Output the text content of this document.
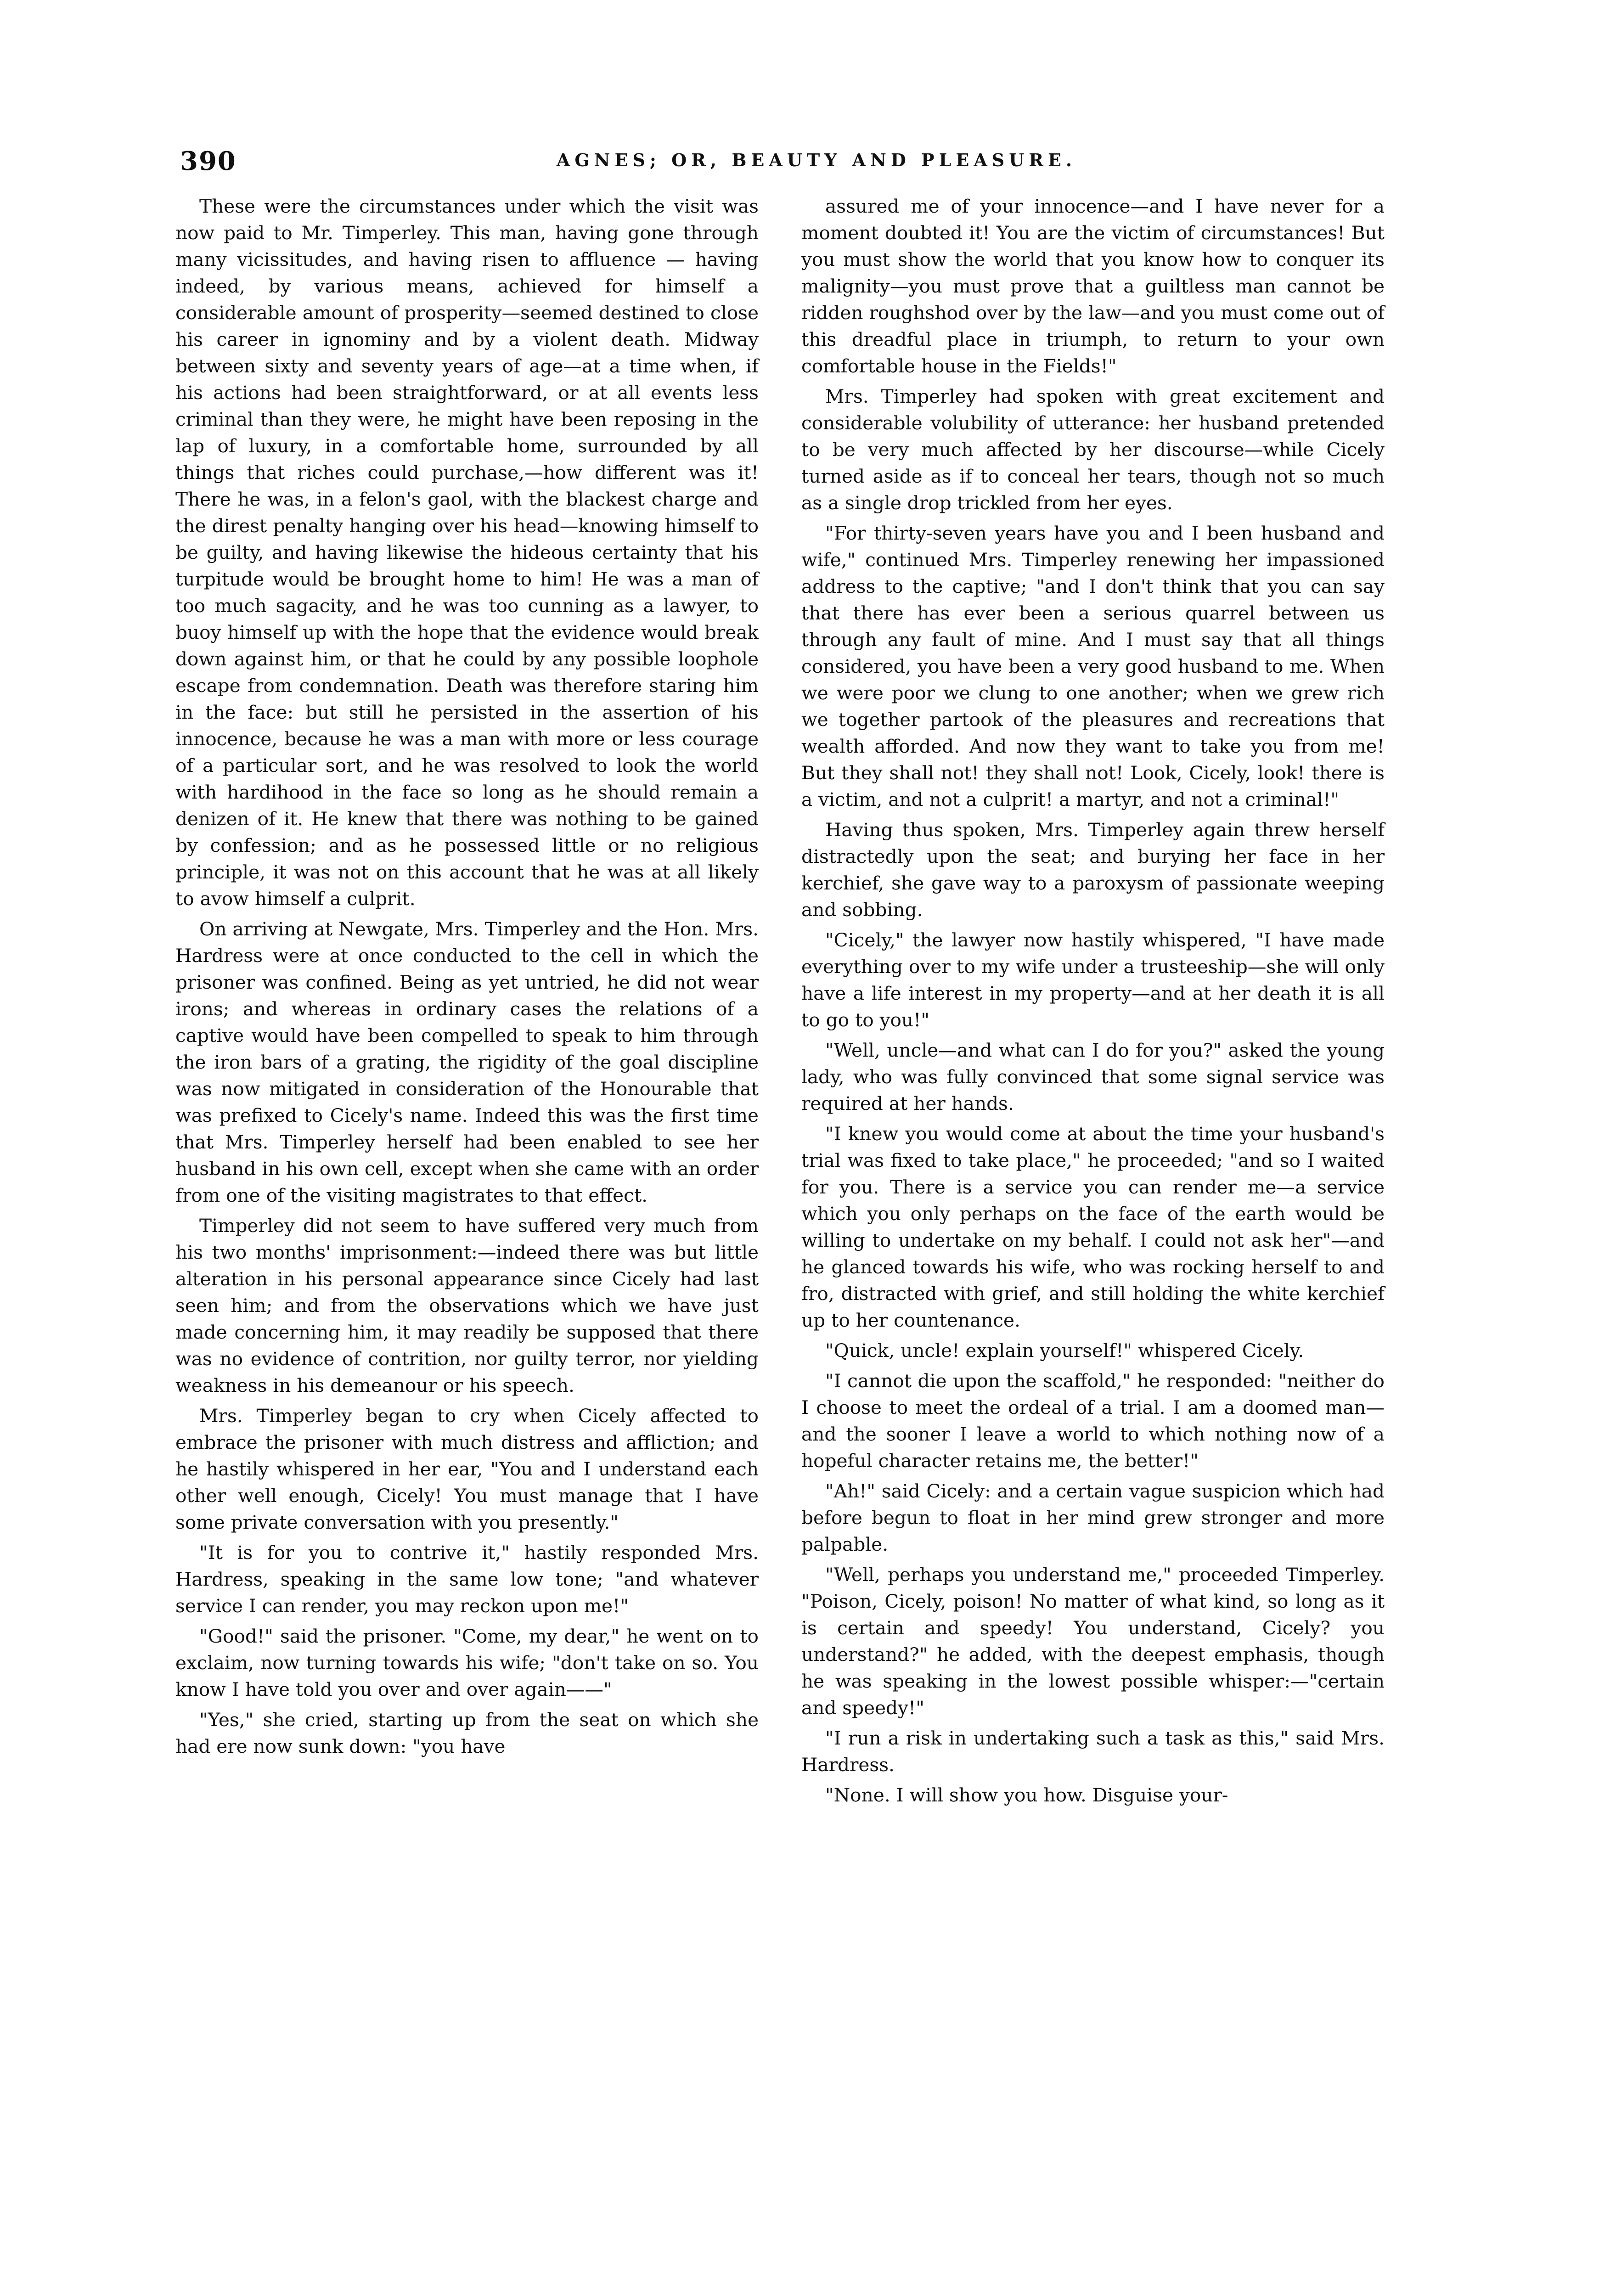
390	AGNES; OR, BEAUTY AND PLEASURE.

These were the circumstances under which the visit was now paid to Mr. Timperley. This man, having gone through many vicissitudes, and having risen to affluence — having indeed, by various means, achieved for himself a considerable amount of prosperity—seemed destined to close his career in ignominy and by a violent death. Midway between sixty and seventy years of age—at a time when, if his actions had been straightforward, or at all events less criminal than they were, he might have been reposing in the lap of luxury, in a comfortable home, surrounded by all things that riches could purchase,—how different was it! There he was, in a felon's gaol, with the blackest charge and the direst penalty hanging over his head—knowing himself to be guilty, and having likewise the hideous certainty that his turpitude would be brought home to him! He was a man of too much sagacity, and he was too cunning as a lawyer, to buoy himself up with the hope that the evidence would break down against him, or that he could by any possible loophole escape from condemnation. Death was therefore staring him in the face: but still he persisted in the assertion of his innocence, because he was a man with more or less courage of a particular sort, and he was resolved to look the world with hardihood in the face so long as he should remain a denizen of it. He knew that there was nothing to be gained by confession; and as he possessed little or no religious principle, it was not on this account that he was at all likely to avow himself a culprit.

On arriving at Newgate, Mrs. Timperley and the Hon. Mrs. Hardress were at once conducted to the cell in which the prisoner was confined. Being as yet untried, he did not wear irons; and whereas in ordinary cases the relations of a captive would have been compelled to speak to him through the iron bars of a grating, the rigidity of the goal discipline was now mitigated in consideration of the Honourable that was prefixed to Cicely's name. Indeed this was the first time that Mrs. Timperley herself had been enabled to see her husband in his own cell, except when she came with an order from one of the visiting magistrates to that effect.

Timperley did not seem to have suffered very much from his two months' imprisonment:—indeed there was but little alteration in his personal appearance since Cicely had last seen him; and from the observations which we have just made concerning him, it may readily be supposed that there was no evidence of contrition, nor guilty terror, nor yielding weakness in his demeanour or his speech.

Mrs. Timperley began to cry when Cicely affected to embrace the prisoner with much distress and affliction; and he hastily whispered in her ear, "You and I understand each other well enough, Cicely! You must manage that I have some private conversation with you presently."

"It is for you to contrive it," hastily responded Mrs. Hardress, speaking in the same low tone; "and whatever service I can render, you may reckon upon me!"

"Good!" said the prisoner. "Come, my dear," he went on to exclaim, now turning towards his wife; "don't take on so. You know I have told you over and over again——"

"Yes," she cried, starting up from the seat on which she had ere now sunk down: "you have

assured me of your innocence—and I have never for a moment doubted it! You are the victim of circumstances! But you must show the world that you know how to conquer its malignity—you must prove that a guiltless man cannot be ridden roughshod over by the law—and you must come out of this dreadful place in triumph, to return to your own comfortable house in the Fields!"

Mrs. Timperley had spoken with great excitement and considerable volubility of utterance: her husband pretended to be very much affected by her discourse—while Cicely turned aside as if to conceal her tears, though not so much as a single drop trickled from her eyes.

"For thirty-seven years have you and I been husband and wife," continued Mrs. Timperley renewing her impassioned address to the captive; "and I don't think that you can say that there has ever been a serious quarrel between us through any fault of mine. And I must say that all things considered, you have been a very good husband to me. When we were poor we clung to one another; when we grew rich we together partook of the pleasures and recreations that wealth afforded. And now they want to take you from me! But they shall not! they shall not! Look, Cicely, look! there is a victim, and not a culprit! a martyr, and not a criminal!"

Having thus spoken, Mrs. Timperley again threw herself distractedly upon the seat; and burying her face in her kerchief, she gave way to a paroxysm of passionate weeping and sobbing.

"Cicely," the lawyer now hastily whispered, "I have made everything over to my wife under a trusteeship—she will only have a life interest in my property—and at her death it is all to go to you!"

"Well, uncle—and what can I do for you?" asked the young lady, who was fully convinced that some signal service was required at her hands.

"I knew you would come at about the time your husband's trial was fixed to take place," he proceeded; "and so I waited for you. There is a service you can render me—a service which you only perhaps on the face of the earth would be willing to undertake on my behalf. I could not ask her"—and he glanced towards his wife, who was rocking herself to and fro, distracted with grief, and still holding the white kerchief up to her countenance.

"Quick, uncle! explain yourself!" whispered Cicely.

"I cannot die upon the scaffold," he responded: "neither do I choose to meet the ordeal of a trial. I am a doomed man—and the sooner I leave a world to which nothing now of a hopeful character retains me, the better!"

"Ah!" said Cicely: and a certain vague suspicion which had before begun to float in her mind grew stronger and more palpable.

"Well, perhaps you understand me," proceeded Timperley. "Poison, Cicely, poison! No matter of what kind, so long as it is certain and speedy! You understand, Cicely? you understand?" he added, with the deepest emphasis, though he was speaking in the lowest possible whisper:—"certain and speedy!"

"I run a risk in undertaking such a task as this," said Mrs. Hardress.

"None. I will show you how. Disguise your-
